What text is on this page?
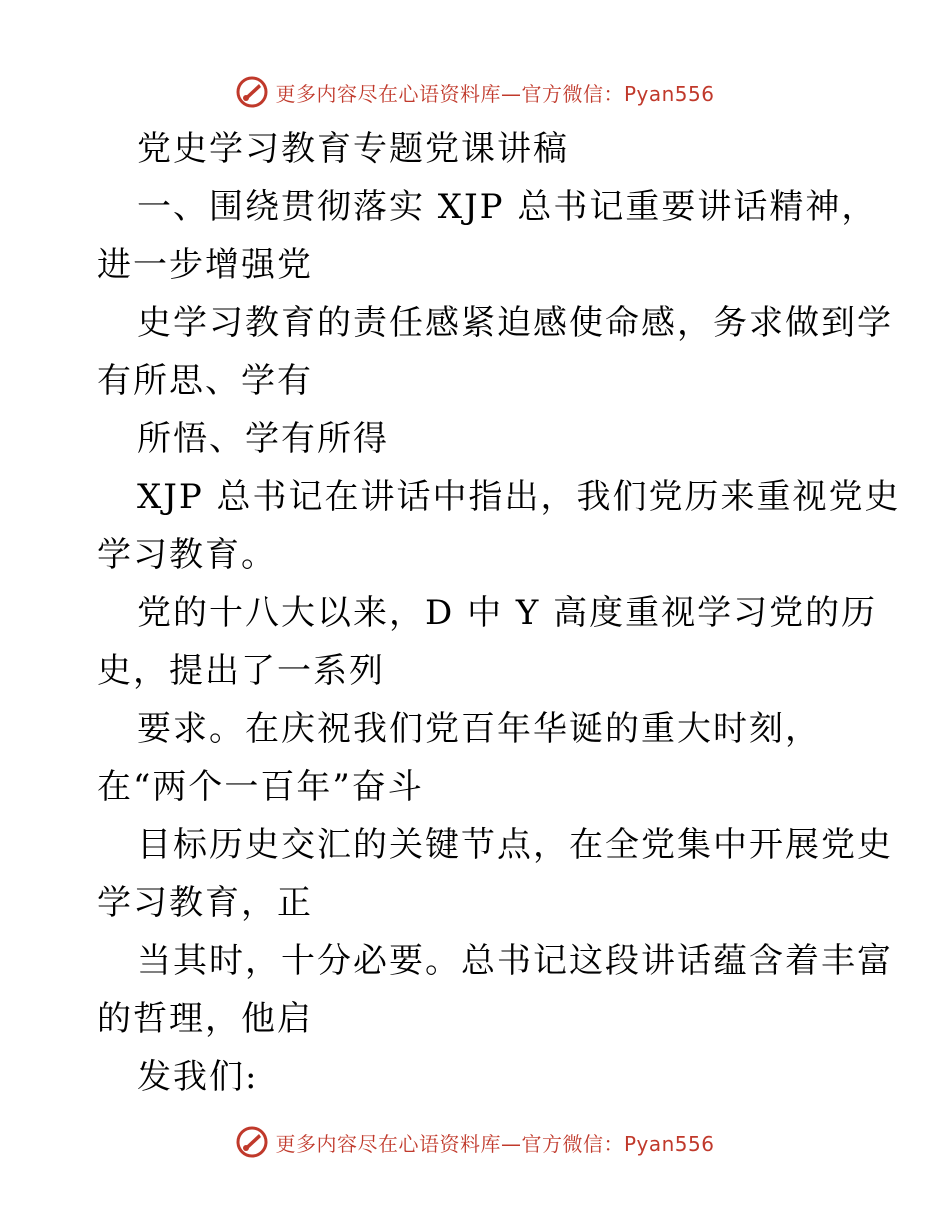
更多内容尽在心语资料库—官方微信：Pyan556
党史学习教育专题党课讲稿
一、围绕贯彻落实 XJP 总书记重要讲话精神，
进一步增强党
史学习教育的责任感紧迫感使命感，务求做到学
有所思、学有
所悟、学有所得
XJP 总书记在讲话中指出，我们党历来重视党史
学习教育。
党的十八大以来，D 中 Y 高度重视学习党的历
史，提出了一系列
要求。在庆祝我们党百年华诞的重大时刻，
在“两个一百年”奋斗
目标历史交汇的关键节点，在全党集中开展党史
学习教育，正
当其时，十分必要。总书记这段讲话蕴含着丰富
的哲理，他启
发我们:
更多内容尽在心语资料库—官方微信：Pyan556
